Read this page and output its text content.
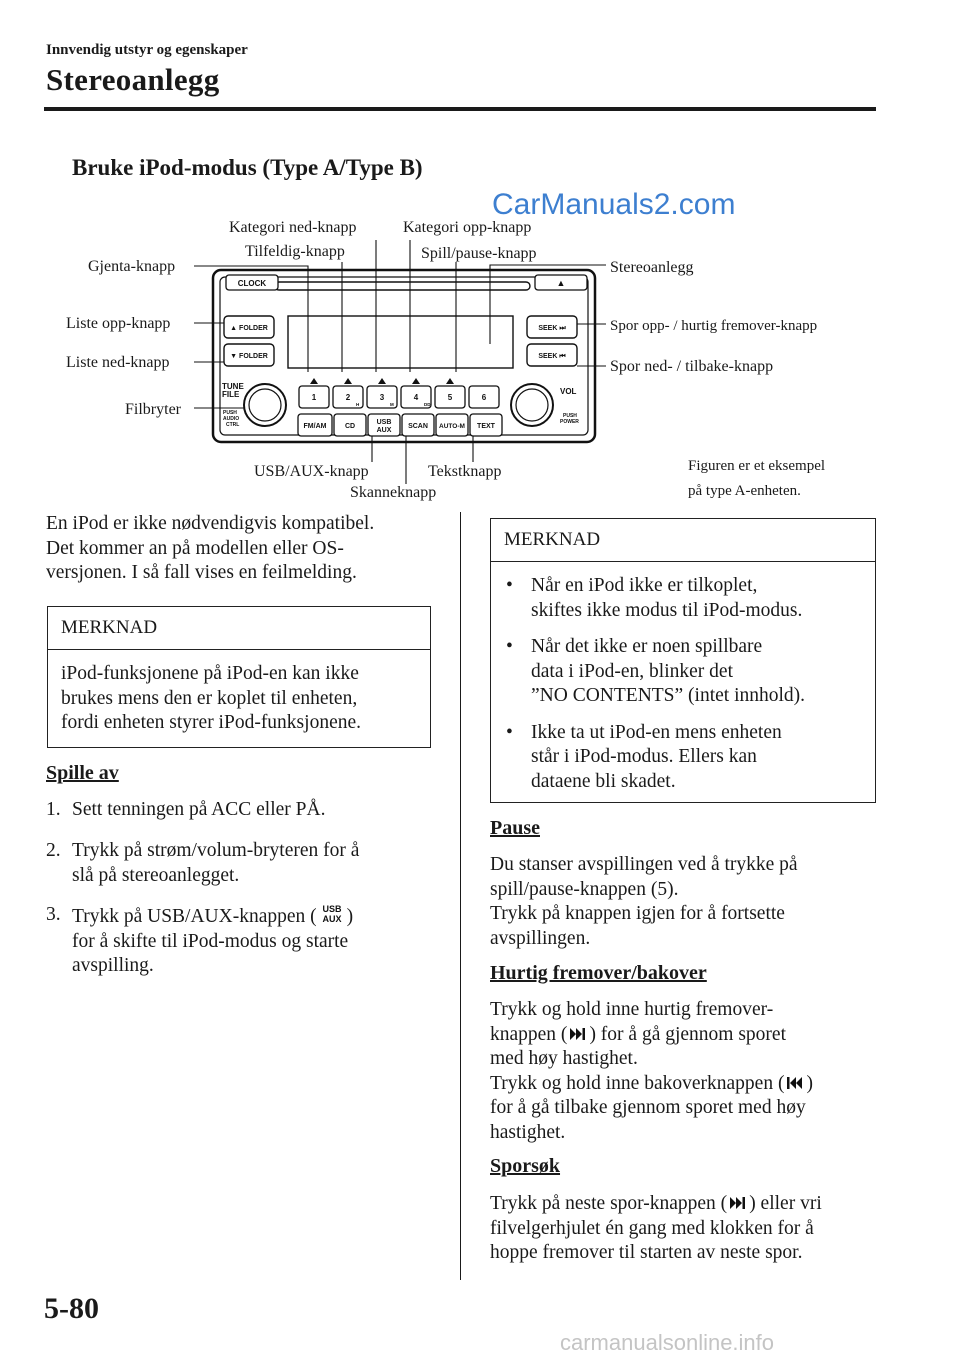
Innvendig utstyr og egenskaper
Stereoanlegg
Bruke iPod-modus (Type A/Type B)
CarManuals2.com
CLOCK	▲
▲ FOLDER
▼ FOLDER
SEEK ⏭
SEEK ⏮
TUNE
FILE
PUSH
AUDIO
CTRL
VOL
PUSH
POWER
1	2
H
3
M
4
DD
5	6
FM/AM	CD
USB
AUX
SCAN AUTO-M TEXT
Kategori ned-knapp	Kategori opp-knapp
Tilfeldig-knapp	Spill/pause-knapp
Gjenta-knapp	Stereoanlegg
Liste opp-knapp	Spor opp- / hurtig fremover-knapp
Liste ned-knapp	Spor ned- / tilbake-knapp
Filbryter
USB/AUX-knapp	Tekstknapp
Skanneknapp
Figuren er et eksempel
på type A-enheten.

En iPod er ikke nødvendigvis kompatibel.

Det kommer an på modellen eller OS-

versjonen. I så fall vises en feilmelding.

MERKNAD
iPod-funksjonene på iPod-en kan ikke
brukes mens den er koplet til enheten,
fordi enheten styrer iPod-funksjonene.
Spille av
1. Sett tenningen på ACC eller PÅ.
2. Trykk på strøm/volum-bryteren for å
slå på stereoanlegget.
3. Trykk på USB/AUX-knappen ( USB
AUX )
for å skifte til iPod-modus og starte
avspilling.
MERKNAD
• Når en iPod ikke er tilkoplet,
skiftes ikke modus til iPod-modus.
• Når det ikke er noen spillbare
data i iPod-en, blinker det
”NO CONTENTS” (intet innhold).
• Ikke ta ut iPod-en mens enheten
står i iPod-modus. Ellers kan
dataene bli skadet.
Pause

Du stanser avspillingen ved å trykke på

spill/pause-knappen (5).

Trykk på knappen igjen for å fortsette

avspillingen.

Hurtig fremover/bakover

Trykk og hold inne hurtig fremover-

knappen ( ) for å gå gjennom sporet

med høy hastighet.

Trykk og hold inne bakoverknappen ( )

for å gå tilbake gjennom sporet med høy

hastighet.

Sporsøk

Trykk på neste spor-knappen ( ) eller vri

filvelgerhjulet én gang med klokken for å

hoppe fremover til starten av neste spor.

5-80
carmanualsonline.info
